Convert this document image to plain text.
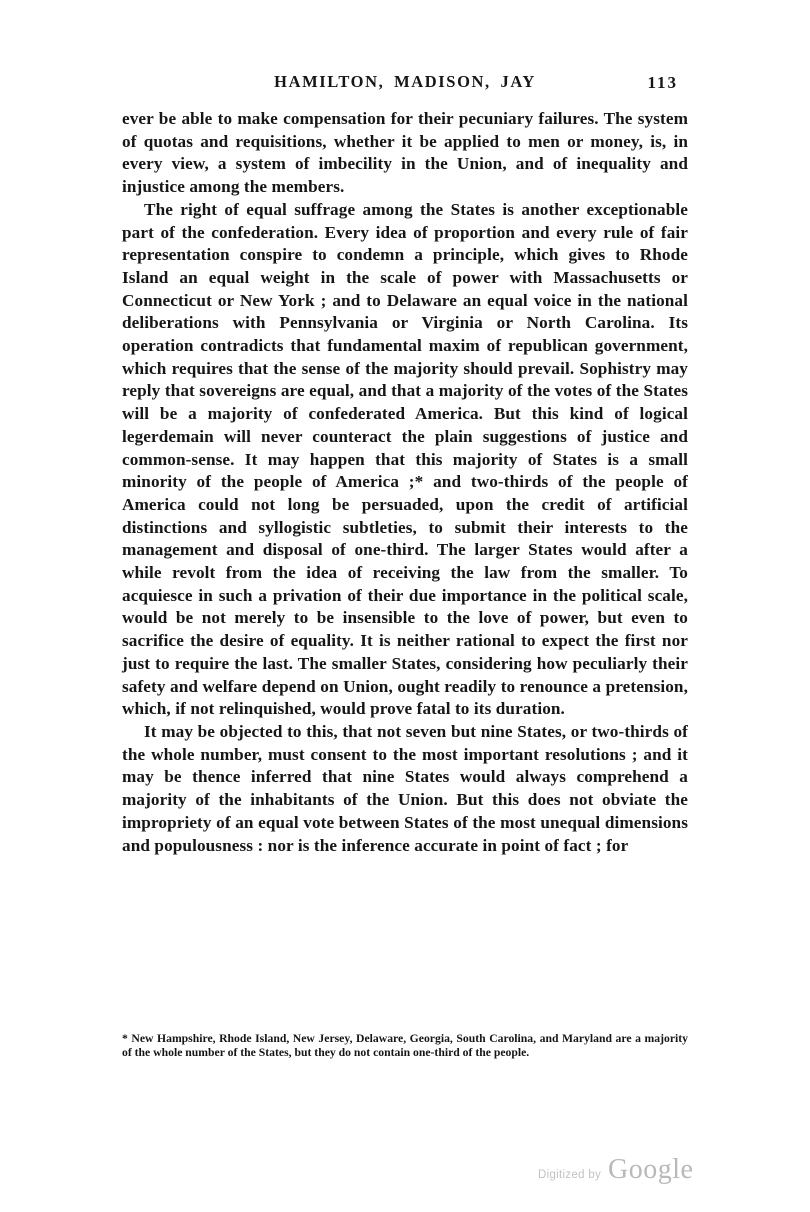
HAMILTON, MADISON, JAY	113

ever be able to make compensation for their pecuniary failures. The system of quotas and requisitions, whether it be applied to men or money, is, in every view, a system of imbecility in the Union, and of inequality and injustice among the members.

The right of equal suffrage among the States is another exceptionable part of the confederation. Every idea of proportion and every rule of fair representation conspire to condemn a principle, which gives to Rhode Island an equal weight in the scale of power with Massachusetts or Connecticut or New York ; and to Delaware an equal voice in the national deliberations with Pennsylvania or Virginia or North Carolina. Its operation contradicts that fundamental maxim of republican government, which requires that the sense of the majority should prevail. Sophistry may reply that sovereigns are equal, and that a majority of the votes of the States will be a majority of confederated America. But this kind of logical legerdemain will never counteract the plain suggestions of justice and common-sense. It may happen that this majority of States is a small minority of the people of America ;* and two-thirds of the people of America could not long be persuaded, upon the credit of artificial distinctions and syllogistic subtleties, to submit their interests to the management and disposal of one-third. The larger States would after a while revolt from the idea of receiving the law from the smaller. To acquiesce in such a privation of their due importance in the political scale, would be not merely to be insensible to the love of power, but even to sacrifice the desire of equality. It is neither rational to expect the first nor just to require the last. The smaller States, considering how peculiarly their safety and welfare depend on Union, ought readily to renounce a pretension, which, if not relinquished, would prove fatal to its duration.

It may be objected to this, that not seven but nine States, or two-thirds of the whole number, must consent to the most important resolutions ; and it may be thence inferred that nine States would always comprehend a majority of the inhabitants of the Union. But this does not obviate the impropriety of an equal vote between States of the most unequal dimensions and populousness : nor is the inference accurate in point of fact ; for

* New Hampshire, Rhode Island, New Jersey, Delaware, Georgia, South Carolina, and Maryland are a majority of the whole number of the States, but they do not contain one-third of the people.
Digitized by Google
